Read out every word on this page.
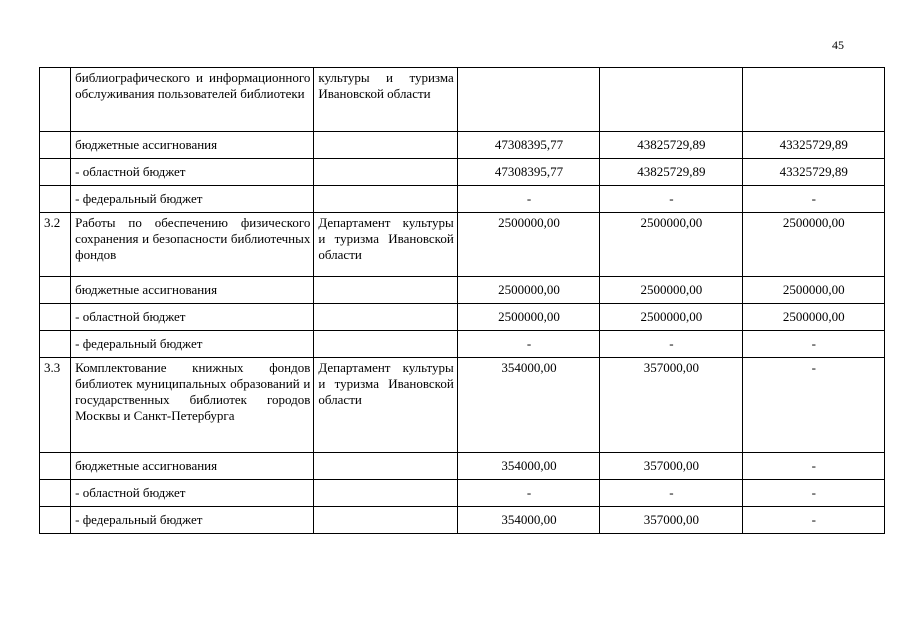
45
	библиографического и информационного обслуживания пользователей библиотеки	культуры и туризма Ивановской области			
	бюджетные ассигнования		47308395,77	43825729,89	43325729,89
	- областной бюджет		47308395,77	43825729,89	43325729,89
	- федеральный бюджет		-	-	-
3.2	Работы по обеспечению физического сохранения и безопасности библиотечных фондов	Департамент культуры и туризма Ивановской области	2500000,00	2500000,00	2500000,00
	бюджетные ассигнования		2500000,00	2500000,00	2500000,00
	- областной бюджет		2500000,00	2500000,00	2500000,00
	- федеральный бюджет		-	-	-
3.3	Комплектование книжных фондов библиотек муниципальных образований и государственных библиотек городов Москвы и Санкт-Петербурга	Департамент культуры и туризма Ивановской области	354000,00	357000,00	-
	бюджетные ассигнования		354000,00	357000,00	-
	- областной бюджет		-	-	-
	- федеральный бюджет		354000,00	357000,00	-
